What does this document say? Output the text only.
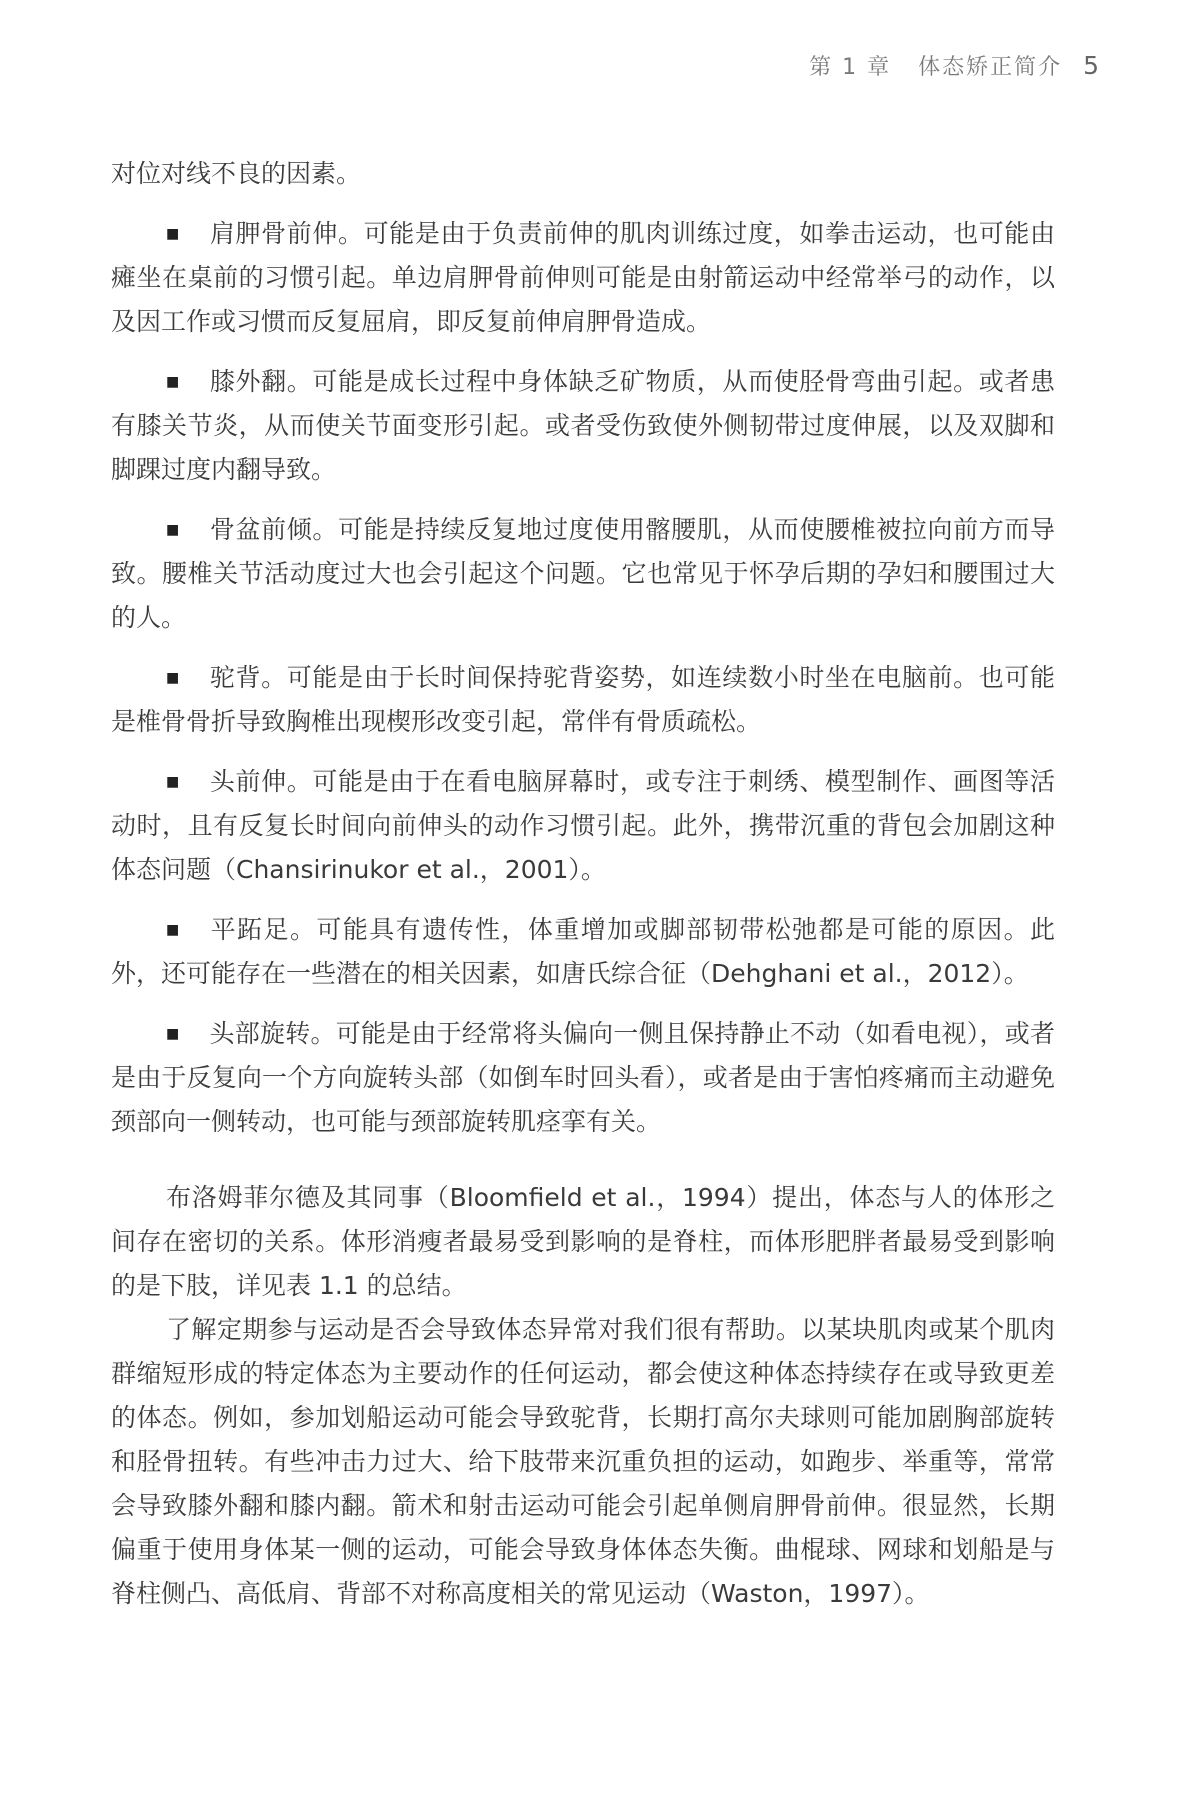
第 1 章 体态矫正简介 5

对位对线不良的因素。

■ 肩胛骨前伸。可能是由于负责前伸的肌肉训练过度，如拳击运动，也可能由瘫坐在桌前的习惯引起。单边肩胛骨前伸则可能是由射箭运动中经常举弓的动作，以及因工作或习惯而反复屈肩，即反复前伸肩胛骨造成。
■ 膝外翻。可能是成长过程中身体缺乏矿物质，从而使胫骨弯曲引起。或者患有膝关节炎，从而使关节面变形引起。或者受伤致使外侧韧带过度伸展，以及双脚和脚踝过度内翻导致。
■ 骨盆前倾。可能是持续反复地过度使用髂腰肌，从而使腰椎被拉向前方而导致。腰椎关节活动度过大也会引起这个问题。它也常见于怀孕后期的孕妇和腰围过大的人。
■ 驼背。可能是由于长时间保持驼背姿势，如连续数小时坐在电脑前。也可能是椎骨骨折导致胸椎出现楔形改变引起，常伴有骨质疏松。
■ 头前伸。可能是由于在看电脑屏幕时，或专注于刺绣、模型制作、画图等活动时，且有反复长时间向前伸头的动作习惯引起。此外，携带沉重的背包会加剧这种体态问题（Chansirinukor et al.，2001）。
■ 平跖足。可能具有遗传性，体重增加或脚部韧带松弛都是可能的原因。此外，还可能存在一些潜在的相关因素，如唐氏综合征（Dehghani et al.，2012）。
■ 头部旋转。可能是由于经常将头偏向一侧且保持静止不动（如看电视），或者是由于反复向一个方向旋转头部（如倒车时回头看），或者是由于害怕疼痛而主动避免颈部向一侧转动，也可能与颈部旋转肌痉挛有关。

布洛姆菲尔德及其同事（Bloomfield et al.，1994）提出，体态与人的体形之间存在密切的关系。体形消瘦者最易受到影响的是脊柱，而体形肥胖者最易受到影响的是下肢，详见表 1.1 的总结。

了解定期参与运动是否会导致体态异常对我们很有帮助。以某块肌肉或某个肌肉群缩短形成的特定体态为主要动作的任何运动，都会使这种体态持续存在或导致更差的体态。例如，参加划船运动可能会导致驼背，长期打高尔夫球则可能加剧胸部旋转和胫骨扭转。有些冲击力过大、给下肢带来沉重负担的运动，如跑步、举重等，常常会导致膝外翻和膝内翻。箭术和射击运动可能会引起单侧肩胛骨前伸。很显然，长期偏重于使用身体某一侧的运动，可能会导致身体体态失衡。曲棍球、网球和划船是与脊柱侧凸、高低肩、背部不对称高度相关的常见运动（Waston，1997）。
